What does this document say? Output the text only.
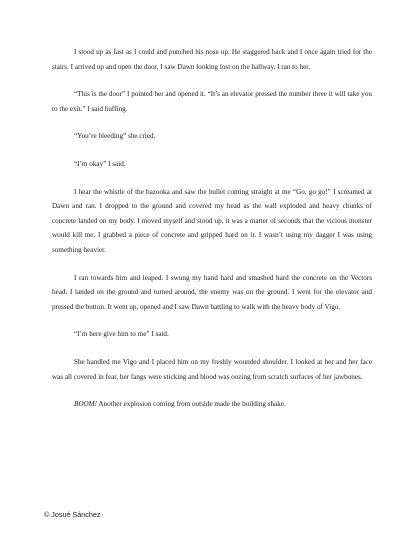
I stood up as fast as I could and punched his nose up. He staggered back and I once again tried for the stairs. I arrived up and open the door, I saw Dawn looking lost on the hallway. I ran to her.

“This is the door” I pointed her and opened it. “It’s an elevator pressed the number three it will take you to the exit.” I said huffing.

“You’re bleeding” she cried.

“I’m okay” I said.

I hear the whistle of the bazooka and saw the bullet coming straight at me “Go, go go!” I screamed at Dawn and ran. I dropped to the ground and covered my head as the wall exploded and heavy chunks of concrete landed on my body. I moved myself and stood up, it was a matter of seconds that the vicious monster would kill me. I grabbed a piece of concrete and gripped hard on it. I wasn’t using my dagger I was using something heavier.

I ran towards him and leaped. I swung my hand hard and smashed hard the concrete on the Vectors head. I landed on the ground and turned around, the enemy was on the ground. I went for the elevator and pressed the button. It went up, opened and I saw Dawn battling to walk with the heavy body of Vigo.

“I’m here give him to me” I said.

She handled me Vigo and I placed him on my freshly wounded shoulder. I looked at her and her face was all covered in fear, her fangs were sticking and blood was oozing from scratch surfaces of her jawbones.

BOOM! Another explosion coming from outside made the building shake.

© Josué Sánchez
